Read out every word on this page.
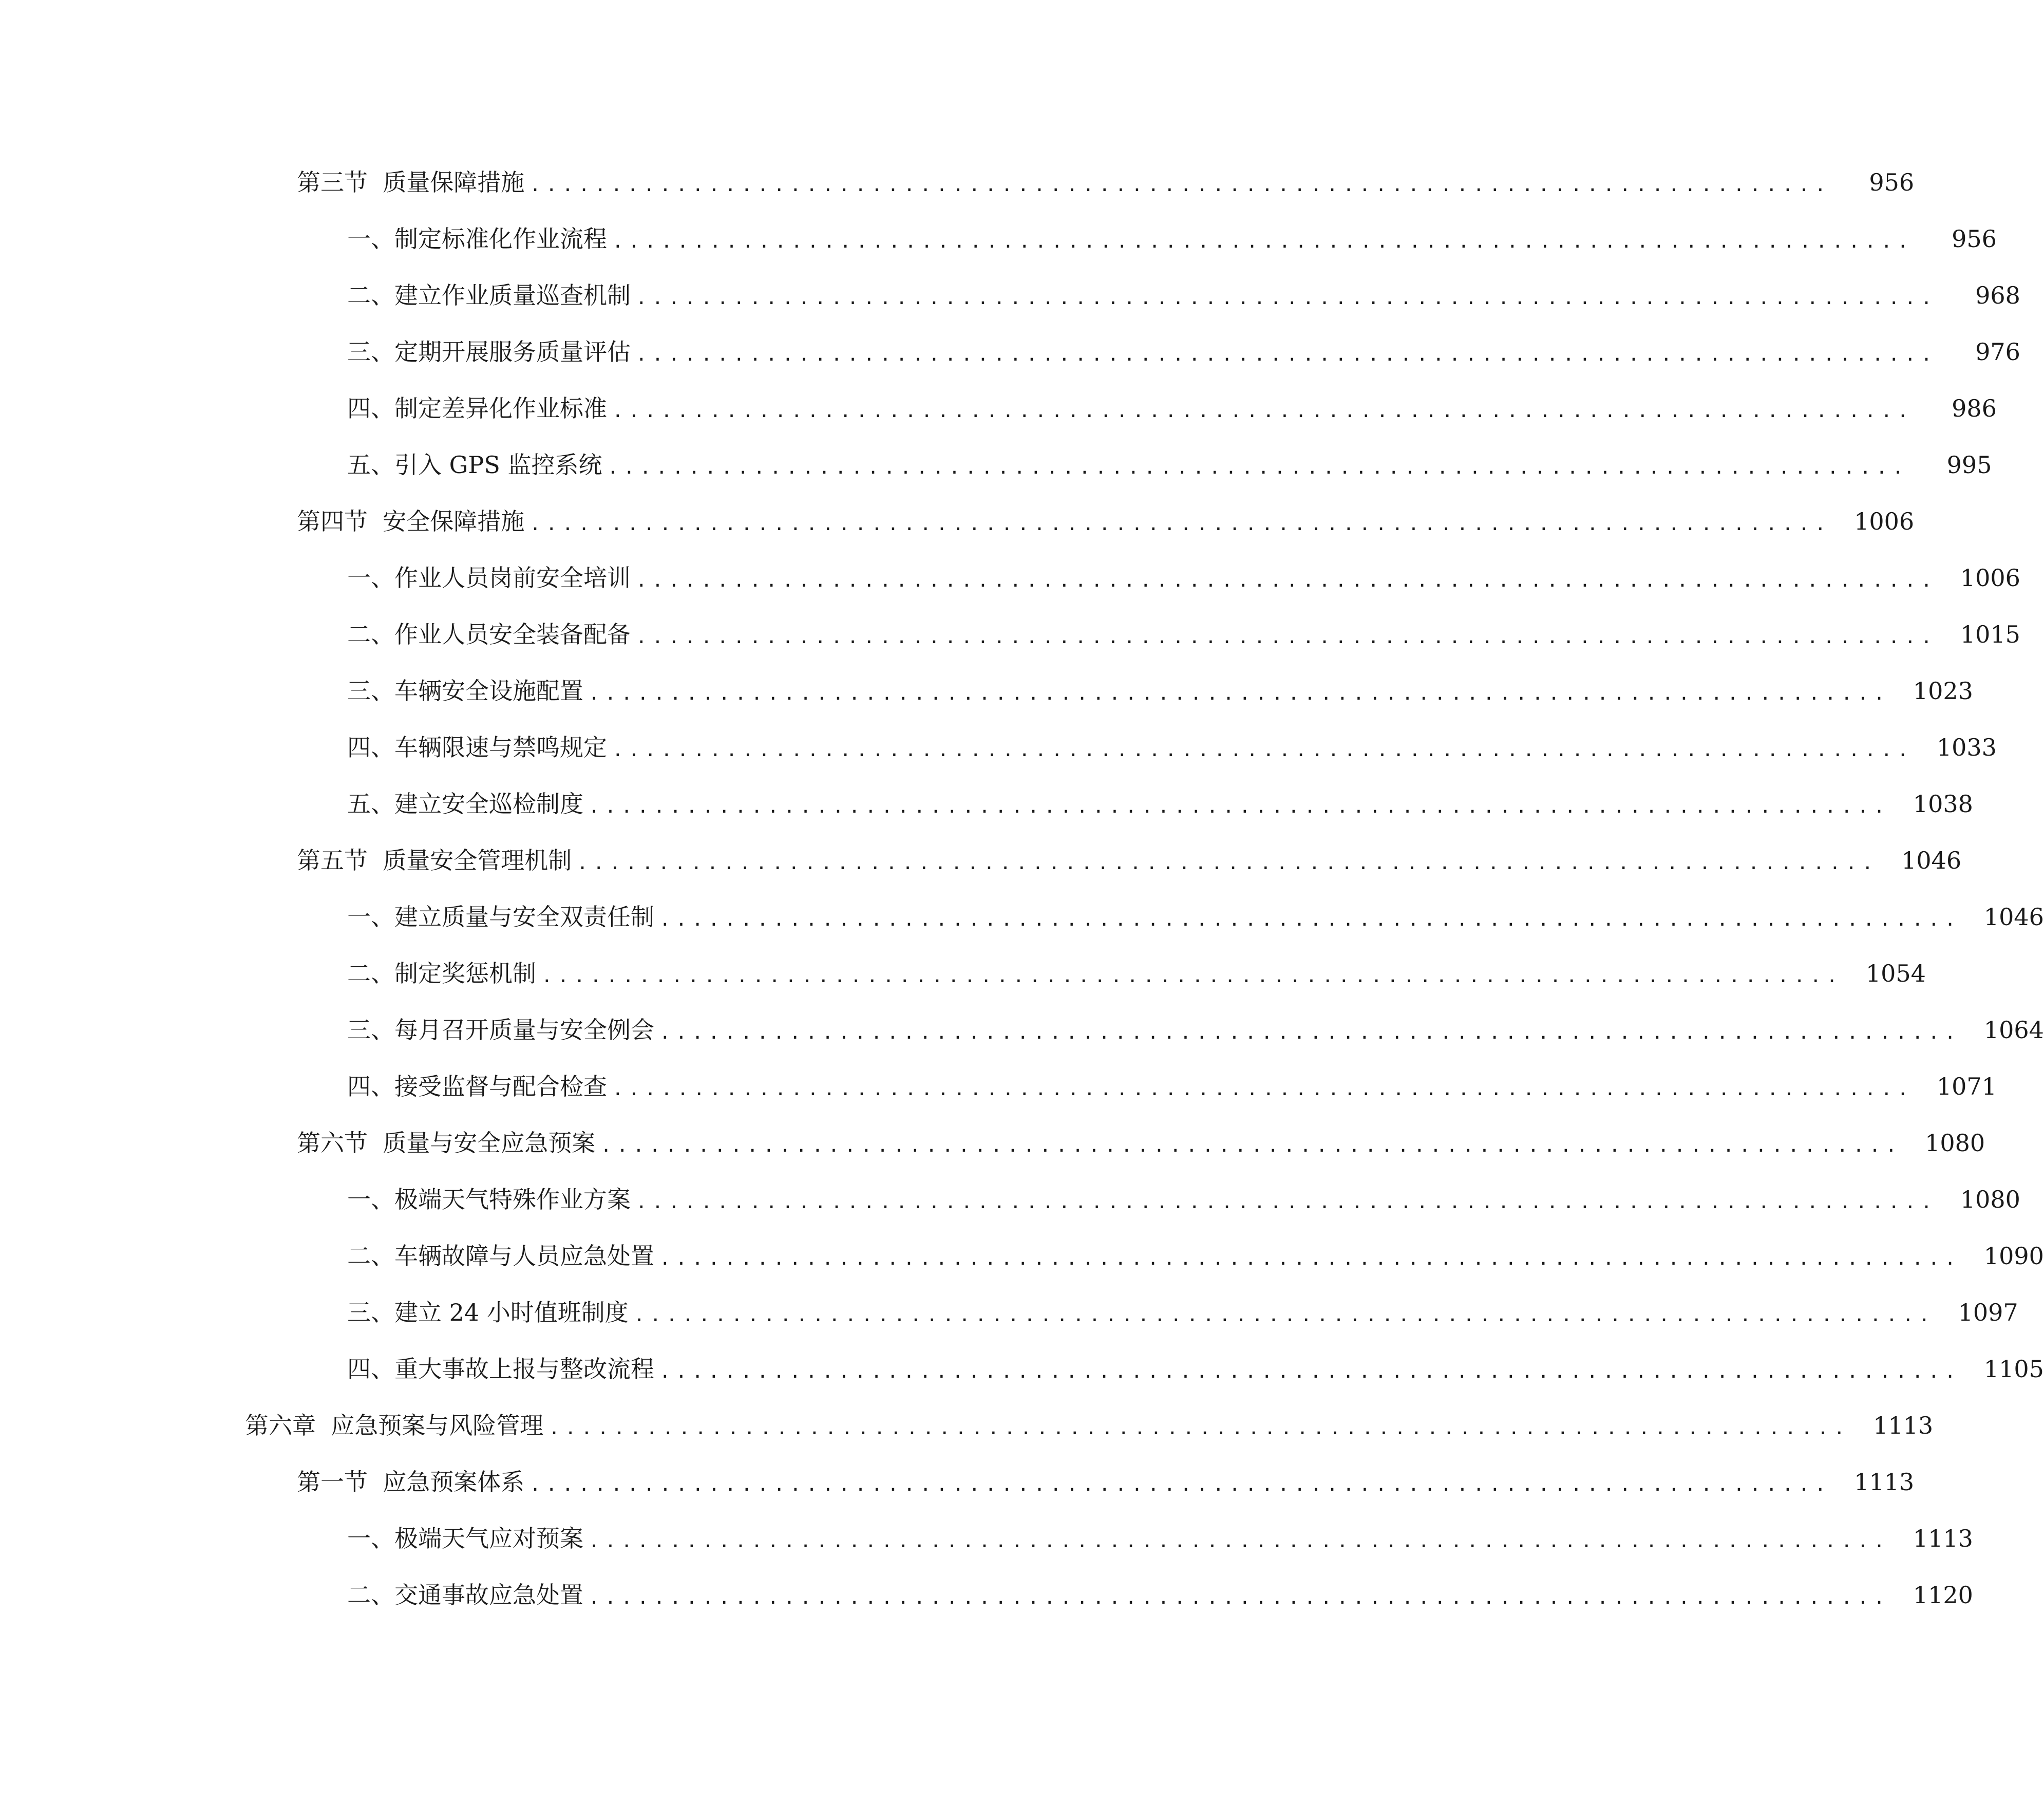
第三节  质量保障措施 ................................................................................	956
一、 制定标准化作业流程 ................................................................................	956
二、 建立作业质量巡查机制 ................................................................................	968
三、 定期开展服务质量评估 ................................................................................	976
四、 制定差异化作业标准 ................................................................................	986
五、 引入 GPS 监控系统 ................................................................................	995
第四节  安全保障措施 ................................................................................ 1006
一、 作业人员岗前安全培训 ................................................................................ 1006
二、 作业人员安全装备配备 ................................................................................ 1015
三、 车辆安全设施配置 ................................................................................ 1023
四、 车辆限速与禁鸣规定 ................................................................................ 1033
五、 建立安全巡检制度 ................................................................................ 1038
第五节  质量安全管理机制 ................................................................................ 1046
一、 建立质量与安全双责任制 ................................................................................ 1046
二、 制定奖惩机制 ................................................................................ 1054
三、 每月召开质量与安全例会 ................................................................................ 1064
四、 接受监督与配合检查 ................................................................................ 1071
第六节  质量与安全应急预案 ................................................................................ 1080
一、 极端天气特殊作业方案 ................................................................................ 1080
二、 车辆故障与人员应急处置 ................................................................................ 1090
三、 建立 24 小时值班制度 ................................................................................ 1097
四、 重大事故上报与整改流程 ................................................................................ 1105
第六章  应急预案与风险管理 ................................................................................ 1113
第一节  应急预案体系 ................................................................................ 1113
一、 极端天气应对预案 ................................................................................ 1113
二、 交通事故应急处置 ................................................................................ 1120
